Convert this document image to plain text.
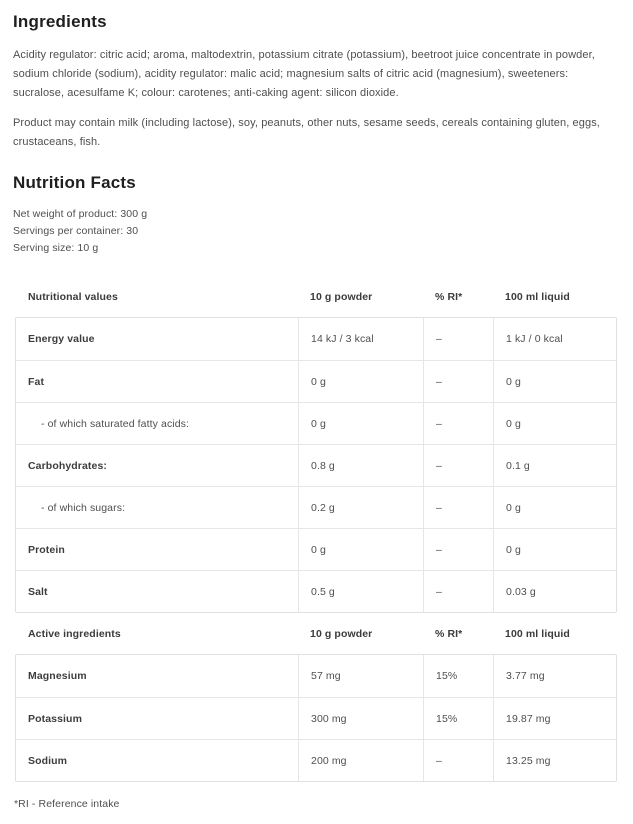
Ingredients

Acidity regulator: citric acid; aroma, maltodextrin, potassium citrate (potassium), beetroot juice concentrate in powder, sodium chloride (sodium), acidity regulator: malic acid; magnesium salts of citric acid (magnesium), sweeteners: sucralose, acesulfame K; colour: carotenes; anti-caking agent: silicon dioxide.

Product may contain milk (including lactose), soy, peanuts, other nuts, sesame seeds, cereals containing gluten, eggs, crustaceans, fish.

Nutrition Facts
Net weight of product: 300 g
Servings per container: 30
Serving size: 10 g
Nutritional values	10 g powder	% RI*	100 ml liquid
Energy value	14 kJ / 3 kcal	–	1 kJ / 0 kcal
Fat	0 g	–	0 g
- of which saturated fatty acids:	0 g	–	0 g
Carbohydrates:	0.8 g	–	0.1 g
- of which sugars:	0.2 g	–	0 g
Protein	0 g	–	0 g
Salt	0.5 g	–	0.03 g
Active ingredients	10 g powder	% RI*	100 ml liquid
Magnesium	57 mg	15%	3.77 mg
Potassium	300 mg	15%	19.87 mg
Sodium	200 mg	–	13.25 mg
*RI - Reference intake
